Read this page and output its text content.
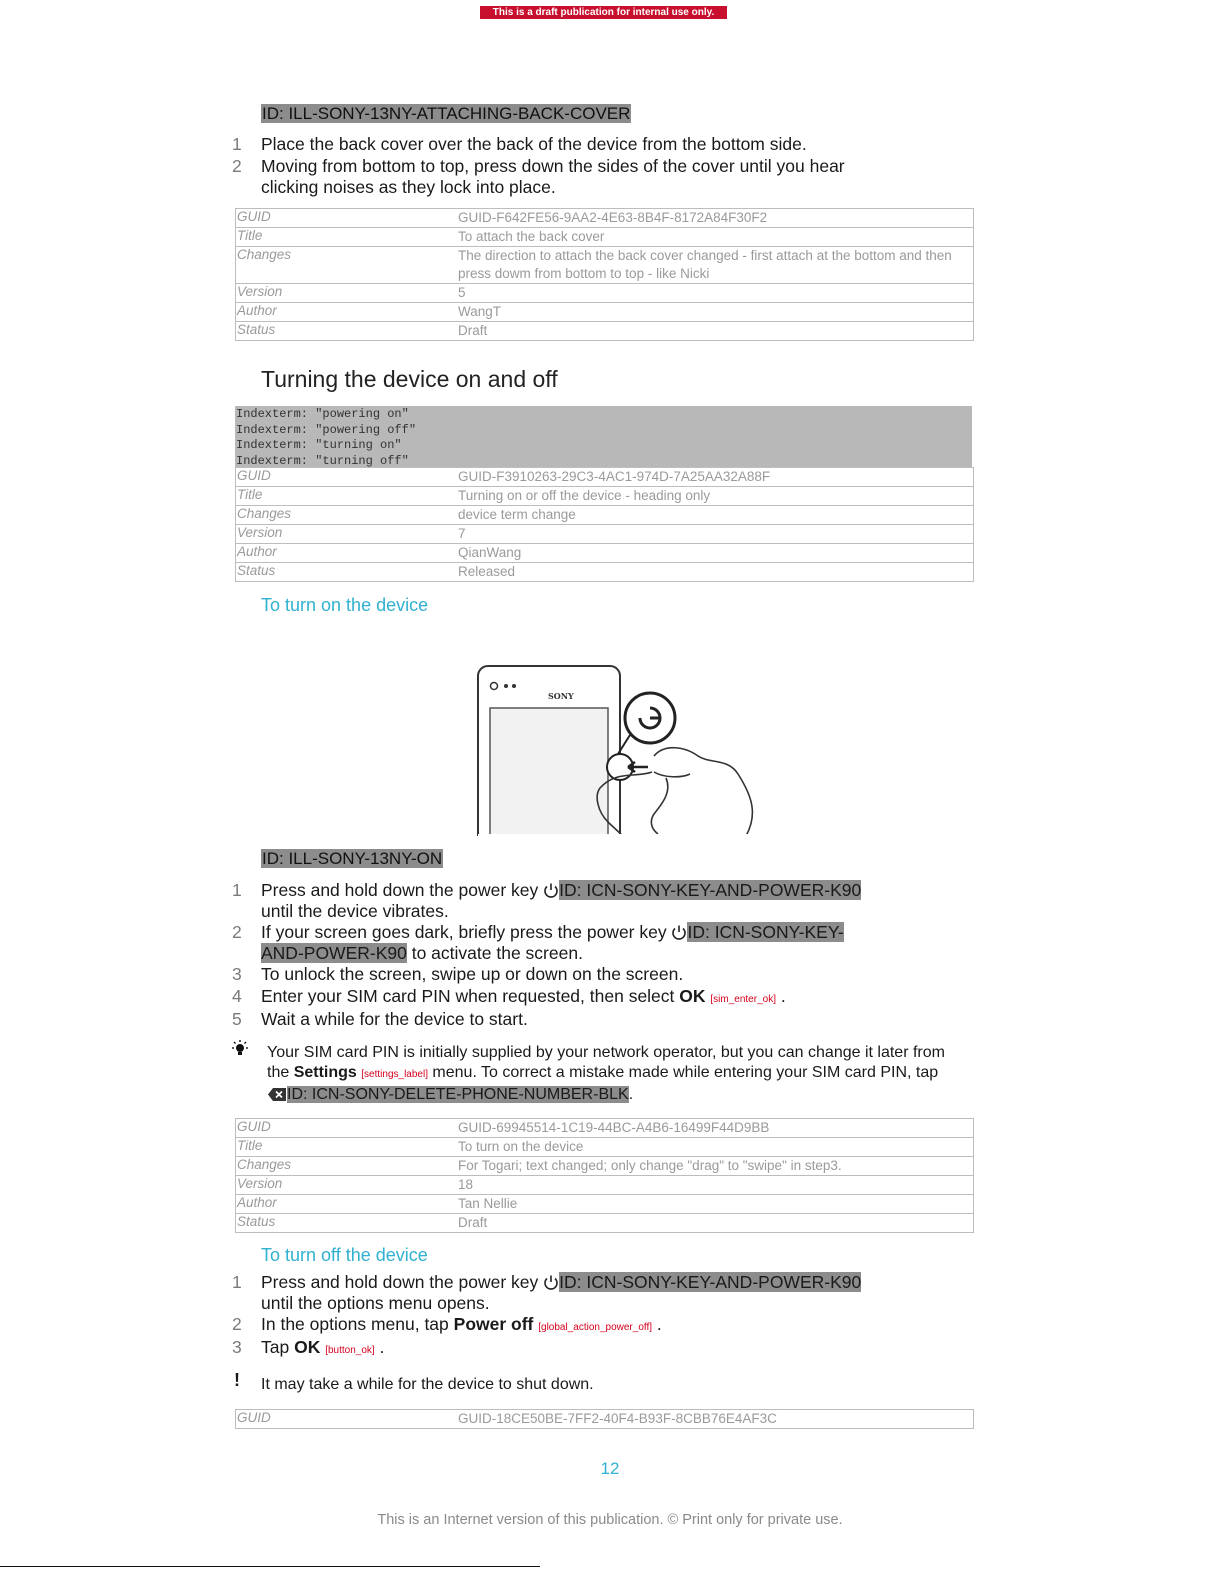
This is a draft publication for internal use only.
ID: ILL-SONY-13NY-ATTACHING-BACK-COVER
1 Place the back cover over the back of the device from the bottom side.
2 Moving from bottom to top, press down the sides of the cover until you hear clicking noises as they lock into place.
GUID	GUID-F642FE56-9AA2-4E63-8B4F-8172A84F30F2
Title	To attach the back cover
Changes	The direction to attach the back cover changed - first attach at the bottom and then press dowm from bottom to top - like Nicki
Version	5
Author	WangT
Status	Draft
Turning the device on and off
Indexterm: "powering on"
Indexterm: "powering off"
Indexterm: "turning on"
Indexterm: "turning off"
GUID	GUID-F3910263-29C3-4AC1-974D-7A25AA32A88F
Title	Turning on or off the device - heading only
Changes	device term change
Version	7
Author	QianWang
Status	Released
To turn on the device
SONY
ID: ILL-SONY-13NY-ON
1 Press and hold down the power key ID: ICN-SONY-KEY-AND-POWER-K90
until the device vibrates.
2 If your screen goes dark, briefly press the power key ID: ICN-SONY-KEY-
AND-POWER-K90 to activate the screen.
3 To unlock the screen, swipe up or down on the screen.
4 Enter your SIM card PIN when requested, then select OK [sim_enter_ok] .
5 Wait a while for the device to start.
Your SIM card PIN is initially supplied by your network operator, but you can change it later from the Settings [settings_label] menu. To correct a mistake made while entering your SIM card PIN, tap ID: ICN-SONY-DELETE-PHONE-NUMBER-BLK.
GUID	GUID-69945514-1C19-44BC-A4B6-16499F44D9BB
Title	To turn on the device
Changes	For Togari; text changed; only change "drag" to "swipe" in step3.
Version	18
Author	Tan Nellie
Status	Draft
To turn off the device
1 Press and hold down the power key ID: ICN-SONY-KEY-AND-POWER-K90
until the options menu opens.
2 In the options menu, tap Power off [global_action_power_off] .
3 Tap OK [button_ok] .
! It may take a while for the device to shut down.
GUID	GUID-18CE50BE-7FF2-40F4-B93F-8CBB76E4AF3C
12
This is an Internet version of this publication. © Print only for private use.
